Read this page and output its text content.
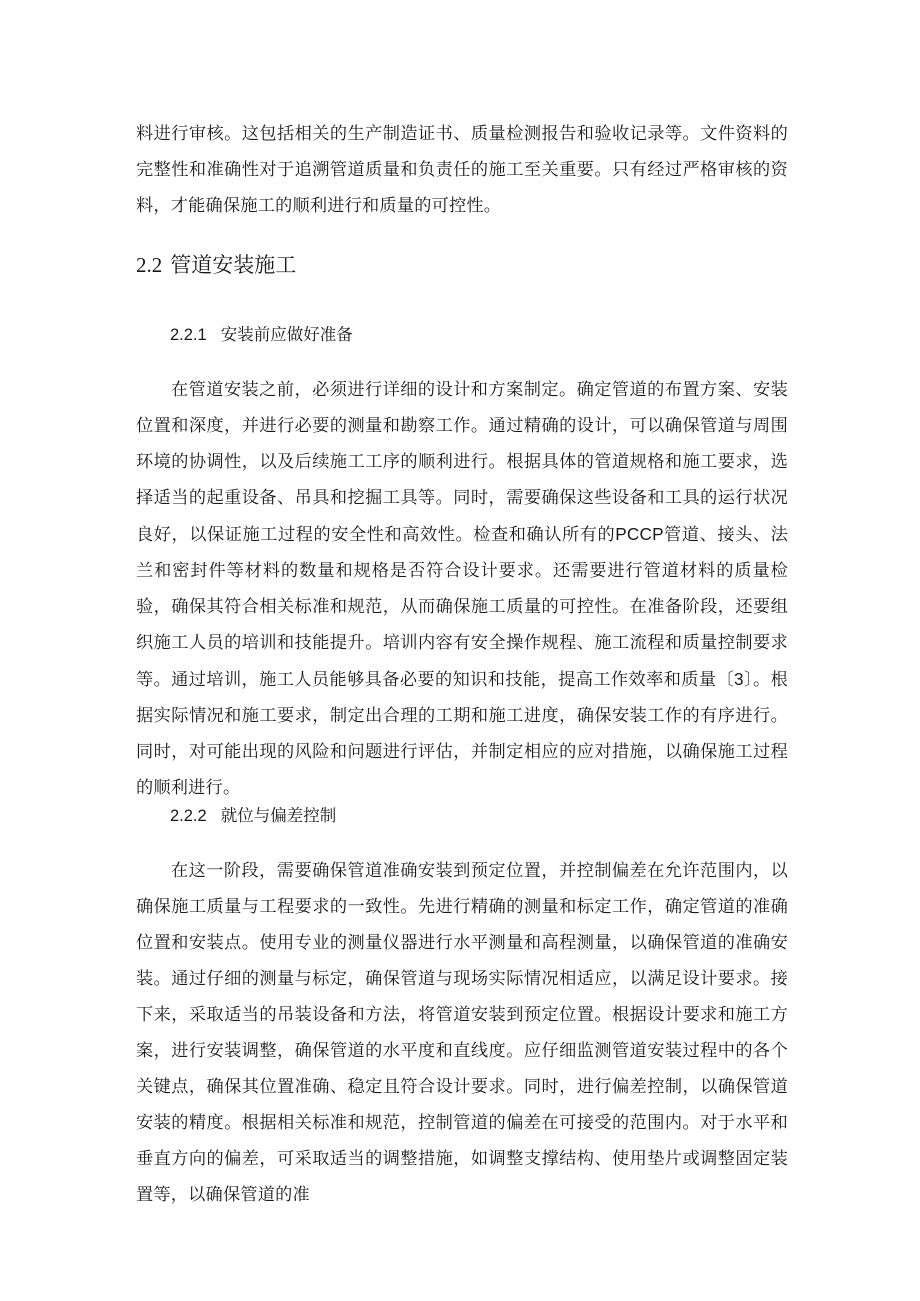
料进行审核。这包括相关的生产制造证书、质量检测报告和验收记录等。文件资料的完整性和准确性对于追溯管道质量和负责任的施工至关重要。只有经过严格审核的资料，才能确保施工的顺利进行和质量的可控性。

2.2 管道安装施工
2.2.1 安装前应做好准备

在管道安装之前，必须进行详细的设计和方案制定。确定管道的布置方案、安装位置和深度，并进行必要的测量和勘察工作。通过精确的设计，可以确保管道与周围环境的协调性，以及后续施工工序的顺利进行。根据具体的管道规格和施工要求，选择适当的起重设备、吊具和挖掘工具等。同时，需要确保这些设备和工具的运行状况良好，以保证施工过程的安全性和高效性。检查和确认所有的PCCP管道、接头、法兰和密封件等材料的数量和规格是否符合设计要求。还需要进行管道材料的质量检验，确保其符合相关标准和规范，从而确保施工质量的可控性。在准备阶段，还要组织施工人员的培训和技能提升。培训内容有安全操作规程、施工流程和质量控制要求等。通过培训，施工人员能够具备必要的知识和技能，提高工作效率和质量〔3〕。根据实际情况和施工要求，制定出合理的工期和施工进度，确保安装工作的有序进行。同时，对可能出现的风险和问题进行评估，并制定相应的应对措施，以确保施工过程的顺利进行。

2.2.2 就位与偏差控制

在这一阶段，需要确保管道准确安装到预定位置，并控制偏差在允许范围内，以确保施工质量与工程要求的一致性。先进行精确的测量和标定工作，确定管道的准确位置和安装点。使用专业的测量仪器进行水平测量和高程测量，以确保管道的准确安装。通过仔细的测量与标定，确保管道与现场实际情况相适应，以满足设计要求。接下来，采取适当的吊装设备和方法，将管道安装到预定位置。根据设计要求和施工方案，进行安装调整，确保管道的水平度和直线度。应仔细监测管道安装过程中的各个关键点，确保其位置准确、稳定且符合设计要求。同时，进行偏差控制，以确保管道安装的精度。根据相关标准和规范，控制管道的偏差在可接受的范围内。对于水平和垂直方向的偏差，可采取适当的调整措施，如调整支撑结构、使用垫片或调整固定装置等，以确保管道的准
